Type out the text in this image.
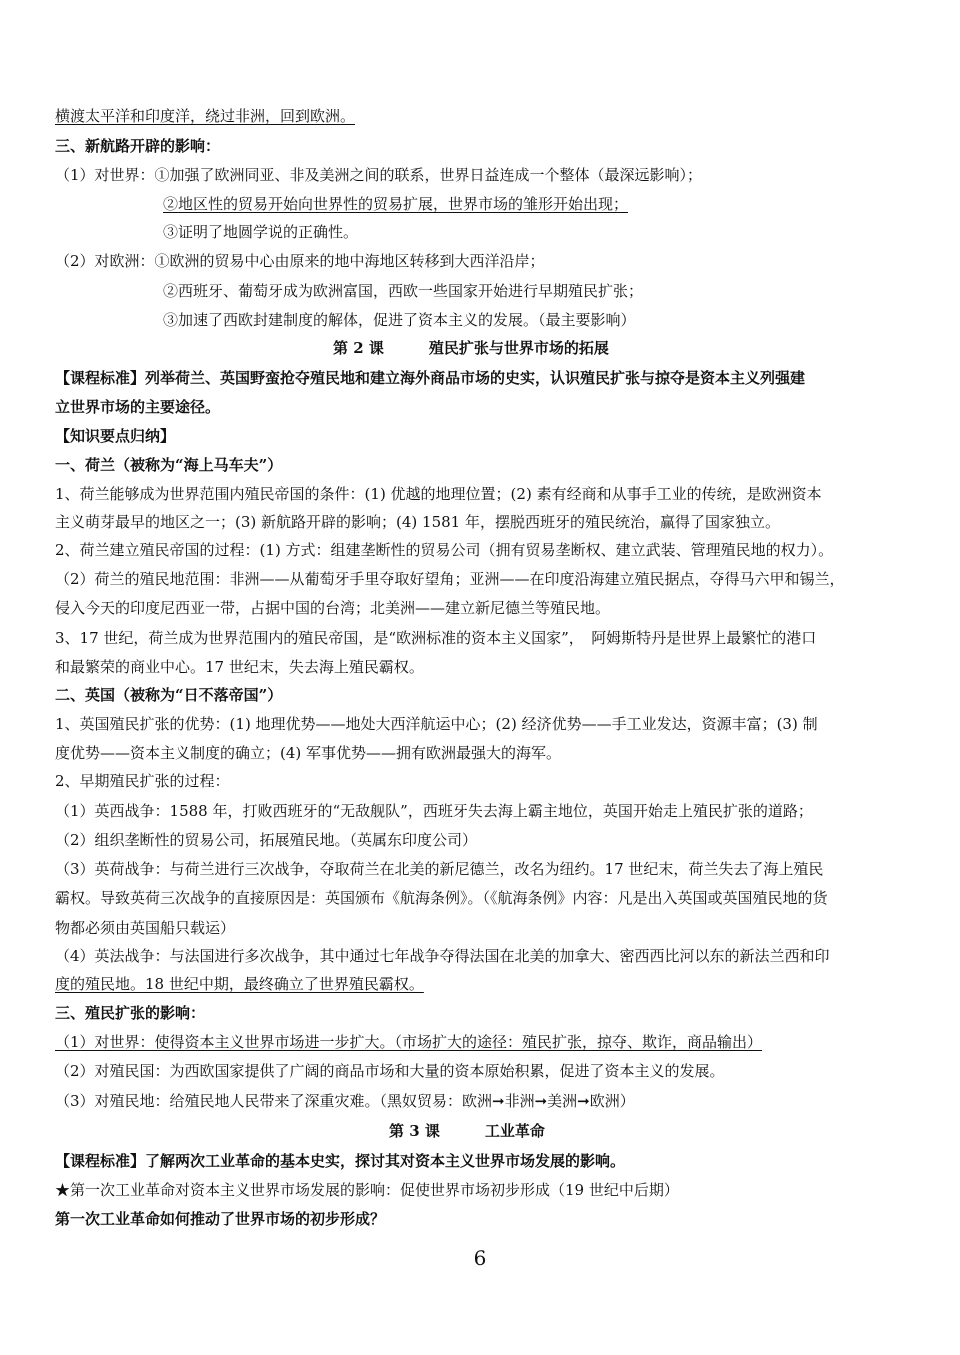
横渡太平洋和印度洋，绕过非洲，回到欧洲。
三、新航路开辟的影响：
（1）对世界：①加强了欧洲同亚、非及美洲之间的联系，世界日益连成一个整体（最深远影响）；
②地区性的贸易开始向世界性的贸易扩展，世界市场的雏形开始出现；
③证明了地圆学说的正确性。
（2）对欧洲：①欧洲的贸易中心由原来的地中海地区转移到大西洋沿岸；
②西班牙、葡萄牙成为欧洲富国，西欧一些国家开始进行早期殖民扩张；
③加速了西欧封建制度的解体，促进了资本主义的发展。（最主要影响）
第 2 课　　　殖民扩张与世界市场的拓展
【课程标准】列举荷兰、英国野蛮抢夺殖民地和建立海外商品市场的史实，认识殖民扩张与掠夺是资本主义列强建
立世界市场的主要途径。
【知识要点归纳】
一、荷兰（被称为“海上马车夫”）
1、荷兰能够成为世界范围内殖民帝国的条件：(1) 优越的地理位置；(2) 素有经商和从事手工业的传统，是欧洲资本
主义萌芽最早的地区之一；(3) 新航路开辟的影响；(4) 1581 年，摆脱西班牙的殖民统治，赢得了国家独立。
2、荷兰建立殖民帝国的过程：(1) 方式：组建垄断性的贸易公司（拥有贸易垄断权、建立武装、管理殖民地的权力）。
（2）荷兰的殖民地范围：非洲——从葡萄牙手里夺取好望角；亚洲——在印度沿海建立殖民据点，夺得马六甲和锡兰，
侵入今天的印度尼西亚一带，占据中国的台湾；北美洲——建立新尼德兰等殖民地。
3、17 世纪，荷兰成为世界范围内的殖民帝国，是“欧洲标准的资本主义国家”，　阿姆斯特丹是世界上最繁忙的港口
和最繁荣的商业中心。17 世纪末，失去海上殖民霸权。
二、英国（被称为“日不落帝国”）
1、英国殖民扩张的优势：(1) 地理优势——地处大西洋航运中心；(2) 经济优势——手工业发达，资源丰富；(3) 制
度优势——资本主义制度的确立；(4) 军事优势——拥有欧洲最强大的海军。
2、早期殖民扩张的过程：
（1）英西战争：1588 年，打败西班牙的“无敌舰队”，西班牙失去海上霸主地位，英国开始走上殖民扩张的道路；
（2）组织垄断性的贸易公司，拓展殖民地。（英属东印度公司）
（3）英荷战争：与荷兰进行三次战争，夺取荷兰在北美的新尼德兰，改名为纽约。17 世纪末，荷兰失去了海上殖民
霸权。导致英荷三次战争的直接原因是：英国颁布《航海条例》。（《航海条例》内容：凡是出入英国或英国殖民地的货
物都必须由英国船只载运）
（4）英法战争：与法国进行多次战争，其中通过七年战争夺得法国在北美的加拿大、密西西比河以东的新法兰西和印
度的殖民地。18 世纪中期，最终确立了世界殖民霸权。
三、殖民扩张的影响：
（1）对世界：使得资本主义世界市场进一步扩大。（市场扩大的途径：殖民扩张，掠夺、欺诈，商品输出）
（2）对殖民国：为西欧国家提供了广阔的商品市场和大量的资本原始积累，促进了资本主义的发展。
（3）对殖民地：给殖民地人民带来了深重灾难。（黑奴贸易：欧洲➞非洲➞美洲➞欧洲）
第 3 课　　　工业革命
【课程标准】了解两次工业革命的基本史实，探讨其对资本主义世界市场发展的影响。
★第一次工业革命对资本主义世界市场发展的影响：促使世界市场初步形成（19 世纪中后期）
第一次工业革命如何推动了世界市场的初步形成？
6
